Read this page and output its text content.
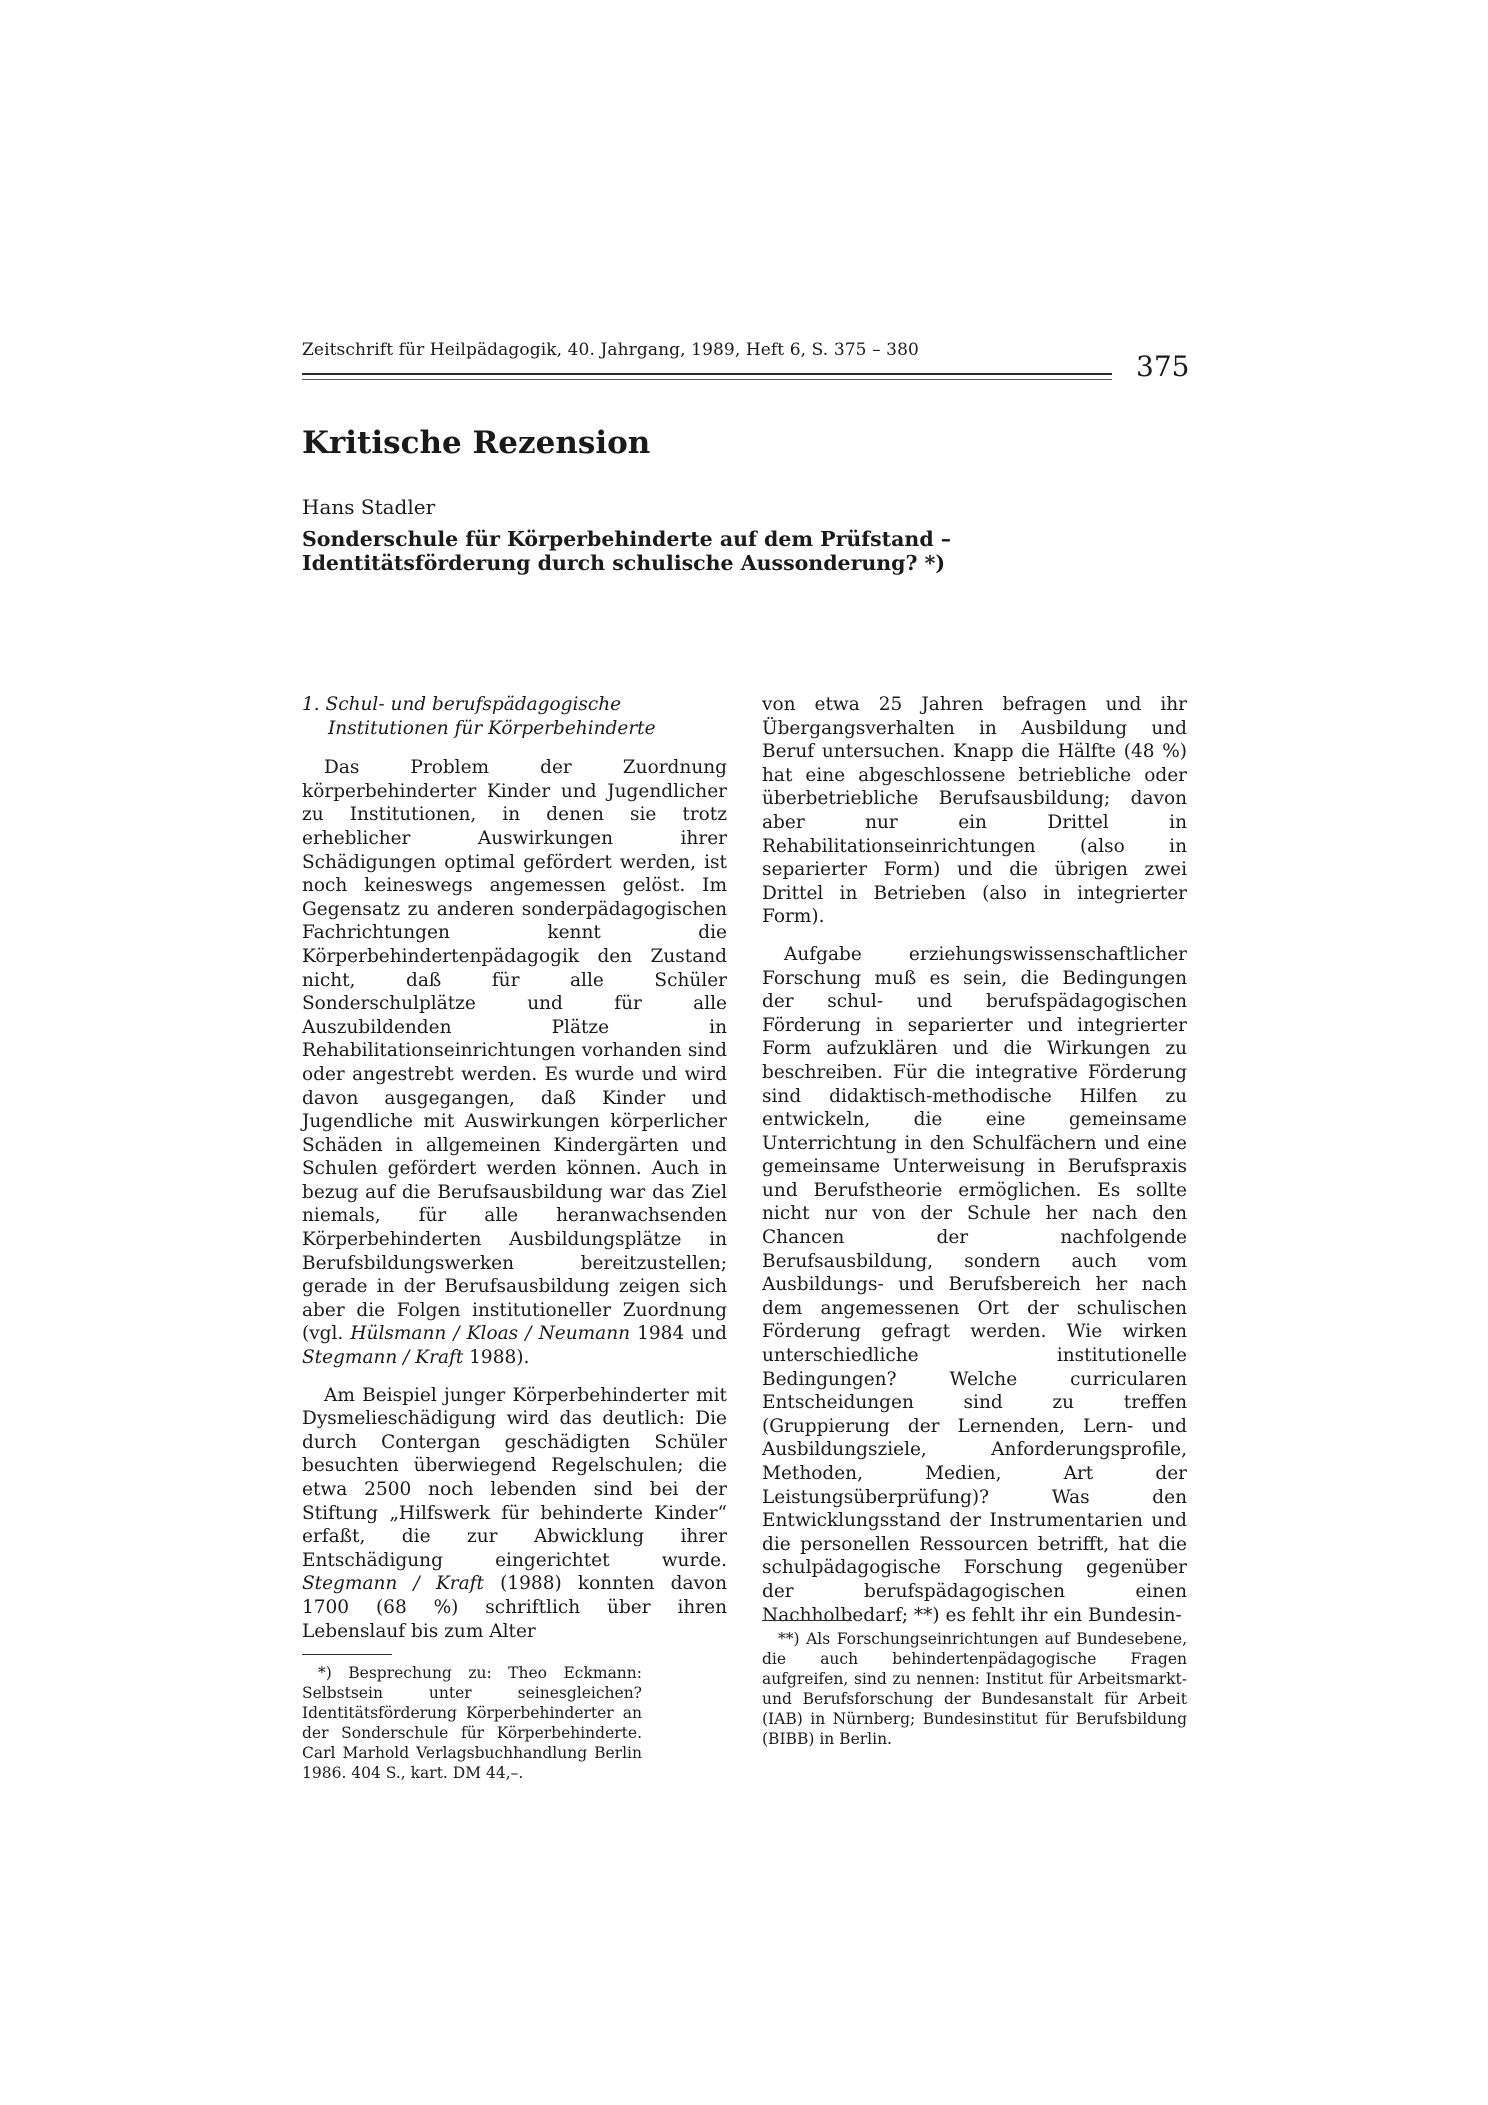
Zeitschrift für Heilpädagogik, 40. Jahrgang, 1989, Heft 6, S. 375 – 380	375
Kritische Rezension
Hans Stadler
Sonderschule für Körperbehinderte auf dem Prüfstand –
Identitätsförderung durch schulische Aussonderung? *)

1. Schul- und berufspädagogische Institutionen für Körperbehinderte

Das Problem der Zuordnung körperbehinderter Kinder und Jugendlicher zu Institutionen, in denen sie trotz erheblicher Auswirkungen ihrer Schädigungen optimal gefördert werden, ist noch keineswegs angemessen gelöst. Im Gegensatz zu anderen sonderpädagogischen Fachrichtungen kennt die Körperbehindertenpädagogik den Zustand nicht, daß für alle Schüler Sonderschulplätze und für alle Auszubildenden Plätze in Rehabilitationseinrichtungen vorhanden sind oder angestrebt werden. Es wurde und wird davon ausgegangen, daß Kinder und Jugendliche mit Auswirkungen körperlicher Schäden in allgemeinen Kindergärten und Schulen gefördert werden können. Auch in bezug auf die Berufsausbildung war das Ziel niemals, für alle heranwachsenden Körperbehinderten Ausbildungsplätze in Berufsbildungswerken bereitzustellen; gerade in der Berufsausbildung zeigen sich aber die Folgen institutioneller Zuordnung (vgl. Hülsmann / Kloas / Neumann 1984 und Stegmann / Kraft 1988).

Am Beispiel junger Körperbehinderter mit Dysmelieschädigung wird das deutlich: Die durch Contergan geschädigten Schüler besuchten überwiegend Regelschulen; die etwa 2500 noch lebenden sind bei der Stiftung „Hilfswerk für behinderte Kinder“ erfaßt, die zur Abwicklung ihrer Entschädigung eingerichtet wurde. Stegmann / Kraft (1988) konnten davon 1700 (68 %) schriftlich über ihren Lebenslauf bis zum Alter

*) Besprechung zu: Theo Eckmann: Selbstsein unter seinesgleichen? Identitätsförderung Körperbehinderter an der Sonderschule für Körperbehinderte. Carl Marhold Verlagsbuchhandlung Berlin 1986. 404 S., kart. DM 44,–.

von etwa 25 Jahren befragen und ihr Übergangsverhalten in Ausbildung und Beruf untersuchen. Knapp die Hälfte (48 %) hat eine abgeschlossene betriebliche oder überbetriebliche Berufsausbildung; davon aber nur ein Drittel in Rehabilitationseinrichtungen (also in separierter Form) und die übrigen zwei Drittel in Betrieben (also in integrierter Form).

Aufgabe erziehungswissenschaftlicher Forschung muß es sein, die Bedingungen der schul- und berufspädagogischen Förderung in separierter und integrierter Form aufzuklären und die Wirkungen zu beschreiben. Für die integrative Förderung sind didaktisch-methodische Hilfen zu entwickeln, die eine gemeinsame Unterrichtung in den Schulfächern und eine gemeinsame Unterweisung in Berufspraxis und Berufstheorie ermöglichen. Es sollte nicht nur von der Schule her nach den Chancen der nachfolgende Berufsausbildung, sondern auch vom Ausbildungs- und Berufsbereich her nach dem angemessenen Ort der schulischen Förderung gefragt werden. Wie wirken unterschiedliche institutionelle Bedingungen? Welche curricularen Entscheidungen sind zu treffen (Gruppierung der Lernenden, Lern- und Ausbildungsziele, Anforderungsprofile, Methoden, Medien, Art der Leistungsüberprüfung)? Was den Entwicklungsstand der Instrumentarien und die personellen Ressourcen betrifft, hat die schulpädagogische Forschung gegenüber der berufspädagogischen einen Nachholbedarf; **) es fehlt ihr ein Bundesin-

**) Als Forschungseinrichtungen auf Bundesebene, die auch behindertenpädagogische Fragen aufgreifen, sind zu nennen: Institut für Arbeitsmarkt- und Berufsforschung der Bundesanstalt für Arbeit (IAB) in Nürnberg; Bundesinstitut für Berufsbildung (BIBB) in Berlin.
